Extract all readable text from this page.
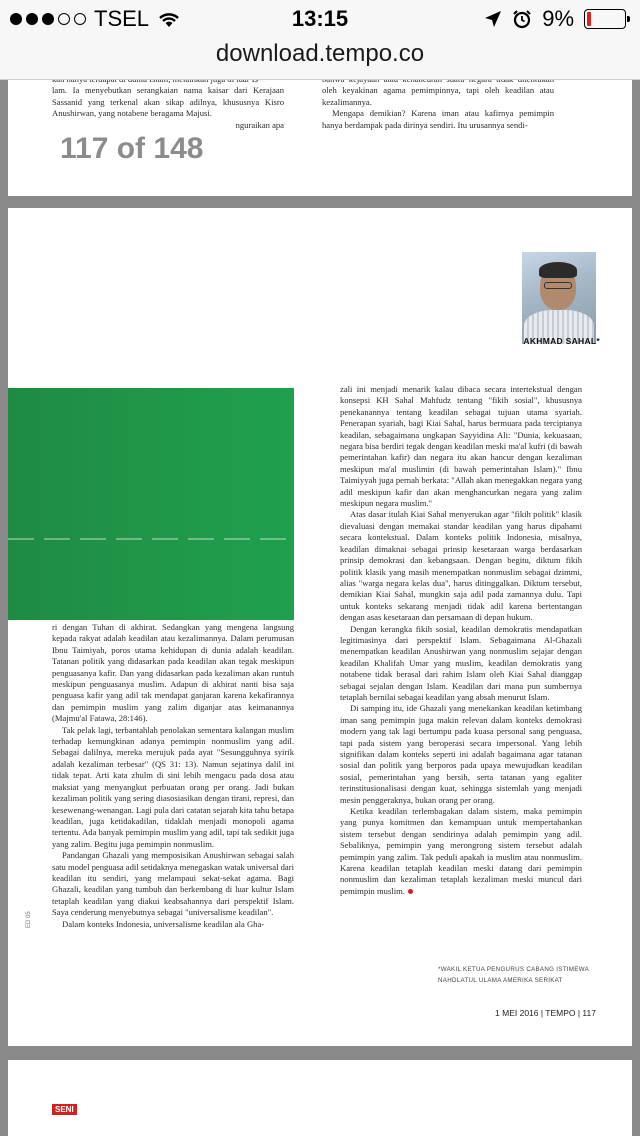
TSEL	13:15	9%
download.tempo.co

lam. Ia menyebutkan serangkaian nama kaisar dari Kerajaan Sassanid yang terkenal akan sikap adilnya, khususnya Kisro Anushirwan, yang notabene beragama Majusi.

nguraikan apa

oleh keyakinan agama pemimpinnya, tapi oleh keadilan atau kezalimannya.

Mengapa demikian? Karena iman atau kafirnya pemimpin hanya berdampak pada dirinya sendiri. Itu urusannya sendi-

117 of 148
AKHMAD SAHAL*

ri dengan Tuhan di akhirat. Sedangkan yang mengena langsung kepada rakyat adalah keadilan atau kezalimannya. Dalam perumusan Ibnu Taimiyah, poros utama kehidupan di dunia adalah keadilan. Tatanan politik yang didasarkan pada keadilan akan tegak meskipun penguasanya kafir. Dan yang didasarkan pada kezaliman akan runtuh meskipun penguasanya muslim. Adapun di akhirat nanti bisa saja penguasa kafir yang adil tak mendapat ganjaran karena kekafirannya dan pemimpin muslim yang zalim diganjar atas keimanannya (Majmu'al Fatawa, 28:146).

Tak pelak lagi, terbantahlah penolakan sementara kalangan muslim terhadap kemungkinan adanya pemimpin nonmuslim yang adil. Sebagai dalilnya, mereka merujuk pada ayat "Sesungguhnya syirik adalah kezaliman terbesar" (QS 31: 13). Namun sejatinya dalil ini tidak tepat. Arti kata zhulm di sini lebih mengacu pada dosa atau maksiat yang menyangkut perbuatan orang per orang. Jadi bukan kezaliman politik yang sering diasosiasikan dengan tirani, represi, dan kesewenang-wenangan. Lagi pula dari catatan sejarah kita tahu betapa keadilan, juga ketidakadilan, tidaklah menjadi monopoli agama tertentu. Ada banyak pemimpin muslim yang adil, tapi tak sedikit juga yang zalim. Begitu juga pemimpin nonmuslim.

Pandangan Ghazali yang memposisikan Anushirwan sebagai salah satu model penguasa adil setidaknya menegaskan watak universal dari keadilan itu sendiri, yang melampaui sekat-sekat agama. Bagi Ghazali, keadilan yang tumbuh dan berkembang di luar kultur Islam tetaplah keadilan yang diakui keabsahannya dari perspektif Islam. Saya cenderung menyebutnya sebagai "universalisme keadilan".

Dalam konteks Indonesia, universalisme keadilan ala Gha-

zali ini menjadi menarik kalau dibaca secara intertekstual dengan konsepsi KH Sahal Mahfudz tentang "fikih sosial", khususnya penekanannya tentang keadilan sebagai tujuan utama syariah. Penerapan syariah, bagi Kiai Sahal, harus bermuara pada terciptanya keadilan, sebagaimana ungkapan Sayyidina Ali: "Dunia, kekuasaan, negara bisa berdiri tegak dengan keadilan meski ma'al kufri (di bawah pemerintahan kafir) dan negara itu akan hancur dengan kezaliman meskipun ma'al muslimin (di bawah pemerintahan Islam)." Ibnu Taimiyyah juga pernah berkata: "Allah akan menegakkan negara yang adil meskipun kafir dan akan menghancurkan negara yang zalim meskipun negara muslim."

Atas dasar itulah Kiai Sahal menyerukan agar "fikih politik" klasik dievaluasi dengan memakai standar keadilan yang harus dipahami secara kontekstual. Dalam konteks politik Indonesia, misalnya, keadilan dimaknai sebagai prinsip kesetaraan warga berdasarkan prinsip demokrasi dan kebangsaan. Dengan begitu, diktum fikih politik klasik yang masih menempatkan nonmuslim sebagai dzimmi, alias "warga negara kelas dua", harus ditinggalkan. Diktum tersebut, demikian Kiai Sahal, mungkin saja adil pada zamannya dulu. Tapi untuk konteks sekarang menjadi tidak adil karena bertentangan dengan asas kesetaraan dan persamaan di depan hukum.

Dengan kerangka fikih sosial, keadilan demokratis mendapatkan legitimasinya dari perspektif Islam. Sebagaimana Al-Ghazali menempatkan keadilan Anushirwan yang nonmuslim sejajar dengan keadilan Khalifah Umar yang muslim, keadilan demokratis yang notabene tidak berasal dari rahim Islam oleh Kiai Sahal dianggap sebagai sejalan dengan Islam. Keadilan dari mana pun sumbernya tetaplah bernilai sebagai keadilan yang absah menurut Islam.

Di samping itu, ide Ghazali yang menekankan keadilan ketimbang iman sang pemimpin juga makin relevan dalam konteks demokrasi modern yang tak lagi bertumpu pada kuasa personal sang penguasa, tapi pada sistem yang beroperasi secara impersonal. Yang lebih signifikan dalam konteks seperti ini adalah bagaimana agar tatanan sosial dan politik yang berporos pada upaya mewujudkan keadilan sosial, pemerintahan yang bersih, serta tatanan yang egaliter terinstitusionalisasi dengan kuat, sehingga sistemlah yang menjadi mesin penggeraknya, bukan orang per orang.

Ketika keadilan terlembagakan dalam sistem, maka pemimpin yang punya komitmen dan kemampuan untuk mempertahankan sistem tersebut dengan sendirinya adalah pemimpin yang adil. Sebaliknya, pemimpin yang merongrong sistem tersebut adalah pemimpin yang zalim. Tak peduli apakah ia muslim atau nonmuslim. Karena keadilan tetaplah keadilan meski datang dari pemimpin nonmuslim dan kezaliman tetaplah kezaliman meski muncul dari pemimpin muslim.

ED 05
*WAKIL KETUA PENGURUS CABANG ISTIMEWA NAHDLATUL ULAMA AMERIKA SERIKAT
1 MEI 2016 | TEMPO | 117
SENI
